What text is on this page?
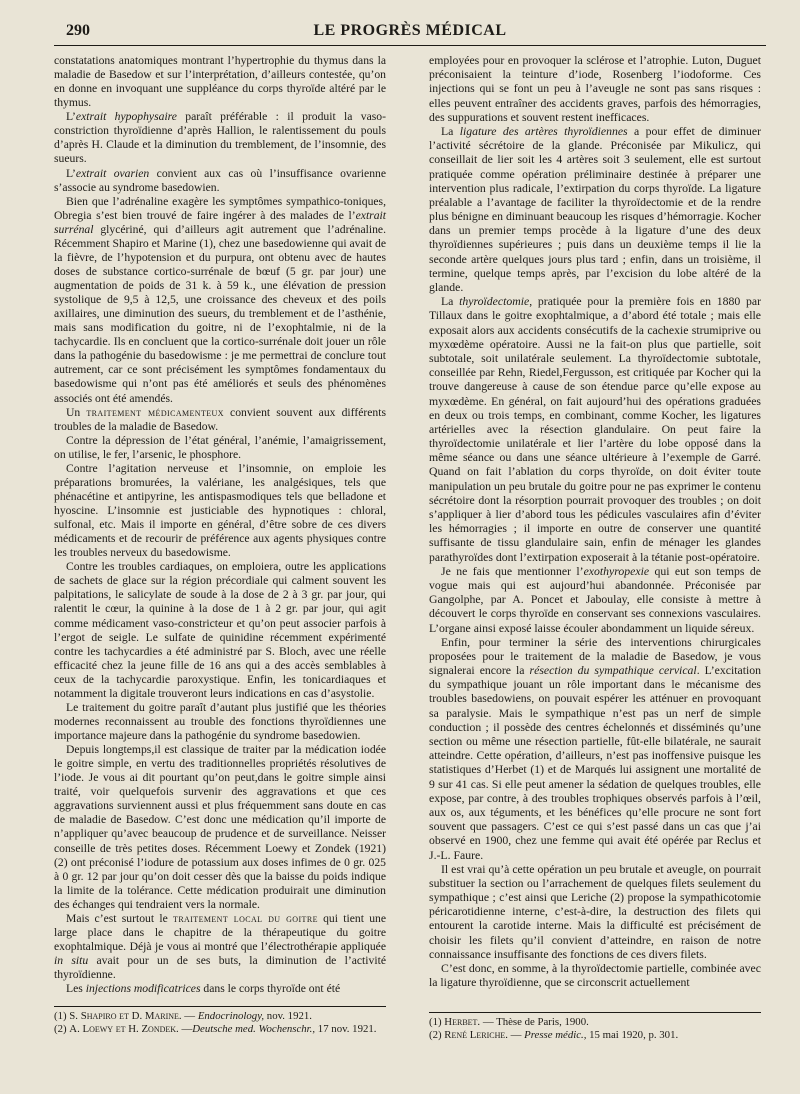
290	LE PROGRÈS MÉDICAL

constatations anatomiques montrant l’hypertrophie du thymus dans la maladie de Basedow et sur l’interprétation, d’ailleurs contestée, qu’on en donne en invoquant une suppléance du corps thyroïde altéré par le thymus.

L’extrait hypophysaire paraît préférable : il produit la vaso-constriction thyroïdienne d’après Hallion, le ralentissement du pouls d’après H. Claude et la diminution du tremblement, de l’insomnie, des sueurs.

L’extrait ovarien convient aux cas où l’insuffisance ovarienne s’associe au syndrome basedowien.

Bien que l’adrénaline exagère les symptômes sympathico-toniques, Obregia s’est bien trouvé de faire ingérer à des malades de l’extrait surrénal glycériné, qui d’ailleurs agit autrement que l’adrénaline. Récemment Shapiro et Marine (1), chez une basedowienne qui avait de la fièvre, de l’hypotension et du purpura, ont obtenu avec de hautes doses de substance cortico-surrénale de bœuf (5 gr. par jour) une augmentation de poids de 31 k. à 59 k., une élévation de pression systolique de 9,5 à 12,5, une croissance des cheveux et des poils axillaires, une diminution des sueurs, du tremblement et de l’asthénie, mais sans modification du goitre, ni de l’exophtalmie, ni de la tachycardie. Ils en concluent que la cortico-surrénale doit jouer un rôle dans la pathogénie du basedowisme : je me permettrai de conclure tout autrement, car ce sont précisément les symptômes fondamentaux du basedowisme qui n’ont pas été améliorés et seuls des phénomènes associés ont été amendés.

Un traitement médicamenteux convient souvent aux différents troubles de la maladie de Basedow.

Contre la dépression de l’état général, l’anémie, l’amaigrissement, on utilise, le fer, l’arsenic, le phosphore.

Contre l’agitation nerveuse et l’insomnie, on emploie les préparations bromurées, la valériane, les analgésiques, tels que phénacétine et antipyrine, les antispasmodiques tels que belladone et hyoscine. L’insomnie est justiciable des hypnotiques : chloral, sulfonal, etc. Mais il importe en général, d’être sobre de ces divers médicaments et de recourir de préférence aux agents physiques contre les troubles nerveux du basedowisme.

Contre les troubles cardiaques, on emploiera, outre les applications de sachets de glace sur la région précordiale qui calment souvent les palpitations, le salicylate de soude à la dose de 2 à 3 gr. par jour, qui ralentit le cœur, la quinine à la dose de 1 à 2 gr. par jour, qui agit comme médicament vaso-constricteur et qu’on peut associer parfois à l’ergot de seigle. Le sulfate de quinidine récemment expérimenté contre les tachycardies a été administré par S. Bloch, avec une réelle efficacité chez la jeune fille de 16 ans qui a des accès semblables à ceux de la tachycardie paroxystique. Enfin, les tonicardiaques et notamment la digitale trouveront leurs indications en cas d’asystolie.

Le traitement du goitre paraît d’autant plus justifié que les théories modernes reconnaissent au trouble des fonctions thyroïdiennes une importance majeure dans la pathogénie du syndrome basedowien.

Depuis longtemps,il est classique de traiter par la médication iodée le goitre simple, en vertu des traditionnelles propriétés résolutives de l’iode. Je vous ai dit pourtant qu’on peut,dans le goitre simple ainsi traité, voir quelquefois survenir des aggravations et que ces aggravations surviennent aussi et plus fréquemment sans doute en cas de maladie de Basedow. C’est donc une médication qu’il importe de n’appliquer qu’avec beaucoup de prudence et de surveillance. Neisser conseille de très petites doses. Récemment Loewy et Zondek (1921) (2) ont préconisé l’iodure de potassium aux doses infimes de 0 gr. 025 à 0 gr. 12 par jour qu’on doit cesser dès que la baisse du poids indique la limite de la tolérance. Cette médication produirait une diminution des échanges qui tendraient vers la normale.

Mais c’est surtout le traitement local du goitre qui tient une large place dans le chapitre de la thérapeutique du goitre exophtalmique. Déjà je vous ai montré que l’électrothérapie appliquée in situ avait pour un de ses buts, la diminution de l’activité thyroïdienne.

Les injections modificatrices dans le corps thyroïde ont été

(1) S. Shapiro et D. Marine. — Endocrinology, nov. 1921.
(2) A. Loewy et H. Zondek. —Deutsche med. Wochenschr., 17 nov. 1921.

employées pour en provoquer la sclérose et l’atrophie. Luton, Duguet préconisaient la teinture d’iode, Rosenberg l’iodoforme. Ces injections qui se font un peu à l’aveugle ne sont pas sans risques : elles peuvent entraîner des accidents graves, parfois des hémorragies, des suppurations et souvent restent inefficaces.

La ligature des artères thyroïdiennes a pour effet de diminuer l’activité sécrétoire de la glande. Préconisée par Mikulicz, qui conseillait de lier soit les 4 artères soit 3 seulement, elle est surtout pratiquée comme opération préliminaire destinée à préparer une intervention plus radicale, l’extirpation du corps thyroïde. La ligature préalable a l’avantage de faciliter la thyroïdectomie et de la rendre plus bénigne en diminuant beaucoup les risques d’hémorragie. Kocher dans un premier temps procède à la ligature d’une des deux thyroïdiennes supérieures ; puis dans un deuxième temps il lie la seconde artère quelques jours plus tard ; enfin, dans un troisième, il termine, quelque temps après, par l’excision du lobe altéré de la glande.

La thyroïdectomie, pratiquée pour la première fois en 1880 par Tillaux dans le goitre exophtalmique, a d’abord été totale ; mais elle exposait alors aux accidents consécutifs de la cachexie strumiprive ou myxœdème opératoire. Aussi ne la fait-on plus que partielle, soit subtotale, soit unilatérale seulement. La thyroïdectomie subtotale, conseillée par Rehn, Riedel,Fergusson, est critiquée par Kocher qui la trouve dangereuse à cause de son étendue parce qu’elle expose au myxœdème. En général, on fait aujourd’hui des opérations graduées en deux ou trois temps, en combinant, comme Kocher, les ligatures artérielles avec la résection glandulaire. On peut faire la thyroïdectomie unilatérale et lier l’artère du lobe opposé dans la même séance ou dans une séance ultérieure à l’exemple de Garré. Quand on fait l’ablation du corps thyroïde, on doit éviter toute manipulation un peu brutale du goitre pour ne pas exprimer le contenu sécrétoire dont la résorption pourrait provoquer des troubles ; on doit s’appliquer à lier d’abord tous les pédicules vasculaires afin d’éviter les hémorragies ; il importe en outre de conserver une quantité suffisante de tissu glandulaire sain, enfin de ménager les glandes parathyroïdes dont l’extirpation exposerait à la tétanie post-opératoire.

Je ne fais que mentionner l’exothyropexie qui eut son temps de vogue mais qui est aujourd’hui abandonnée. Préconisée par Gangolphe, par A. Poncet et Jaboulay, elle consiste à mettre à découvert le corps thyroïde en conservant ses connexions vasculaires. L’organe ainsi exposé laisse écouler abondamment un liquide séreux.

Enfin, pour terminer la série des interventions chirurgicales proposées pour le traitement de la maladie de Basedow, je vous signalerai encore la résection du sympathique cervical. L’excitation du sympathique jouant un rôle important dans le mécanisme des troubles basedowiens, on pouvait espérer les atténuer en provoquant sa paralysie. Mais le sympathique n’est pas un nerf de simple conduction ; il possède des centres échelonnés et disséminés qu’une section ou même une résection partielle, fût-elle bilatérale, ne saurait atteindre. Cette opération, d’ailleurs, n’est pas inoffensive puisque les statistiques d’Herbet (1) et de Marqués lui assignent une mortalité de 9 sur 41 cas. Si elle peut amener la sédation de quelques troubles, elle expose, par contre, à des troubles trophiques observés parfois à l’œil, aux os, aux téguments, et les bénéfices qu’elle procure ne sont fort souvent que passagers. C’est ce qui s’est passé dans un cas que j’ai observé en 1900, chez une femme qui avait été opérée par Reclus et J.-L. Faure.

Il est vrai qu’à cette opération un peu brutale et aveugle, on pourrait substituer la section ou l’arrachement de quelques filets seulement du sympathique ; c’est ainsi que Leriche (2) propose la sympathicotomie péricarotidienne interne, c’est-à-dire, la destruction des filets qui entourent la carotide interne. Mais la difficulté est précisément de choisir les filets qu’il convient d’atteindre, en raison de notre connaissance insuffisante des fonctions de ces divers filets.

C’est donc, en somme, à la thyroïdectomie partielle, combinée avec la ligature thyroïdienne, que se circonscrit actuellement

(1) Herbet. — Thèse de Paris, 1900.
(2) René Leriche. — Presse médic., 15 mai 1920, p. 301.
